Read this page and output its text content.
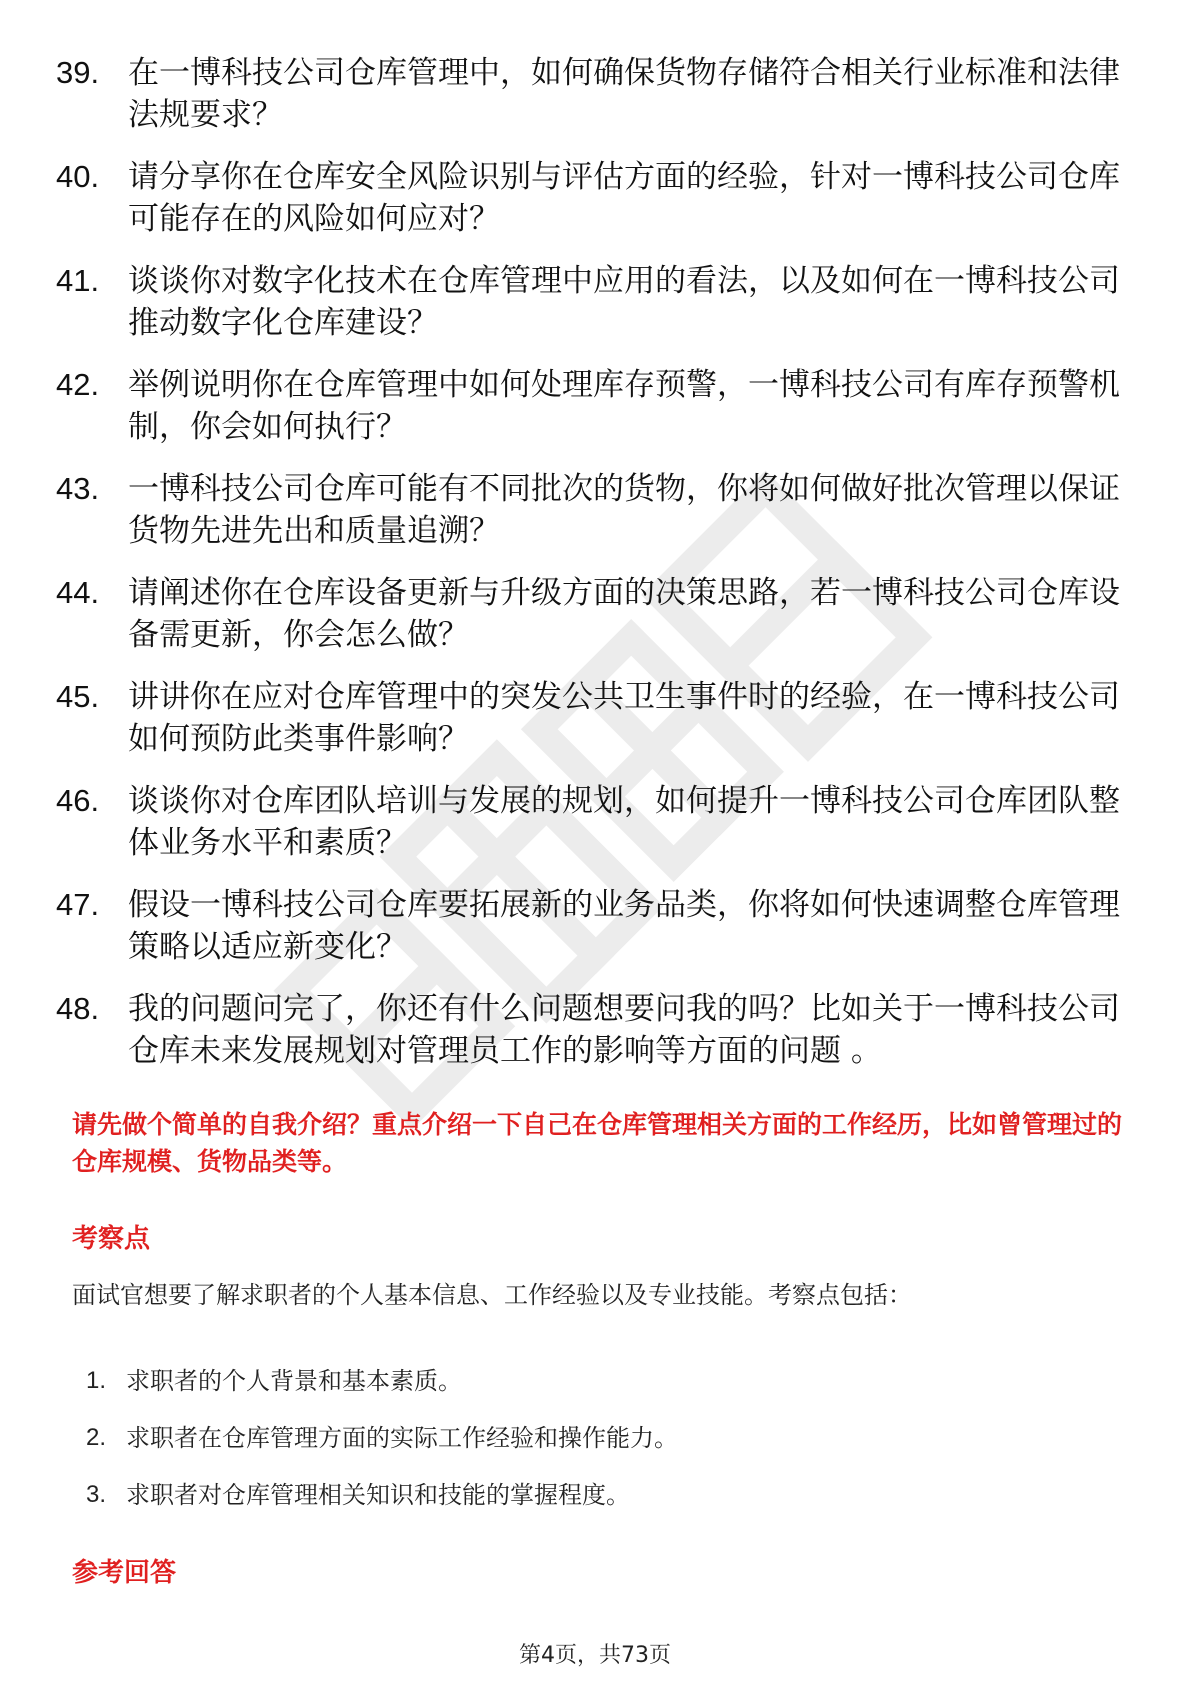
39. 在一博科技公司仓库管理中，如何确保货物存储符合相关行业标准和法律法规要求？
40. 请分享你在仓库安全风险识别与评估方面的经验，针对一博科技公司仓库可能存在的风险如何应对？
41. 谈谈你对数字化技术在仓库管理中应用的看法，以及如何在一博科技公司推动数字化仓库建设？
42. 举例说明你在仓库管理中如何处理库存预警，一博科技公司有库存预警机制，你会如何执行？
43. 一博科技公司仓库可能有不同批次的货物，你将如何做好批次管理以保证货物先进先出和质量追溯？
44. 请阐述你在仓库设备更新与升级方面的决策思路，若一博科技公司仓库设备需更新，你会怎么做？
45. 讲讲你在应对仓库管理中的突发公共卫生事件时的经验，在一博科技公司如何预防此类事件影响？
46. 谈谈你对仓库团队培训与发展的规划，如何提升一博科技公司仓库团队整体业务水平和素质？
47. 假设一博科技公司仓库要拓展新的业务品类，你将如何快速调整仓库管理策略以适应新变化？
48. 我的问题问完了，你还有什么问题想要问我的吗？比如关于一博科技公司仓库未来发展规划对管理员工作的影响等方面的问题 。
请先做个简单的自我介绍？重点介绍一下自己在仓库管理相关方面的工作经历，比如曾管理过的仓库规模、货物品类等。
考察点
面试官想要了解求职者的个人基本信息、工作经验以及专业技能。考察点包括：
1. 求职者的个人背景和基本素质。
2. 求职者在仓库管理方面的实际工作经验和操作能力。
3. 求职者对仓库管理相关知识和技能的掌握程度。
参考回答
第4页，共73页
